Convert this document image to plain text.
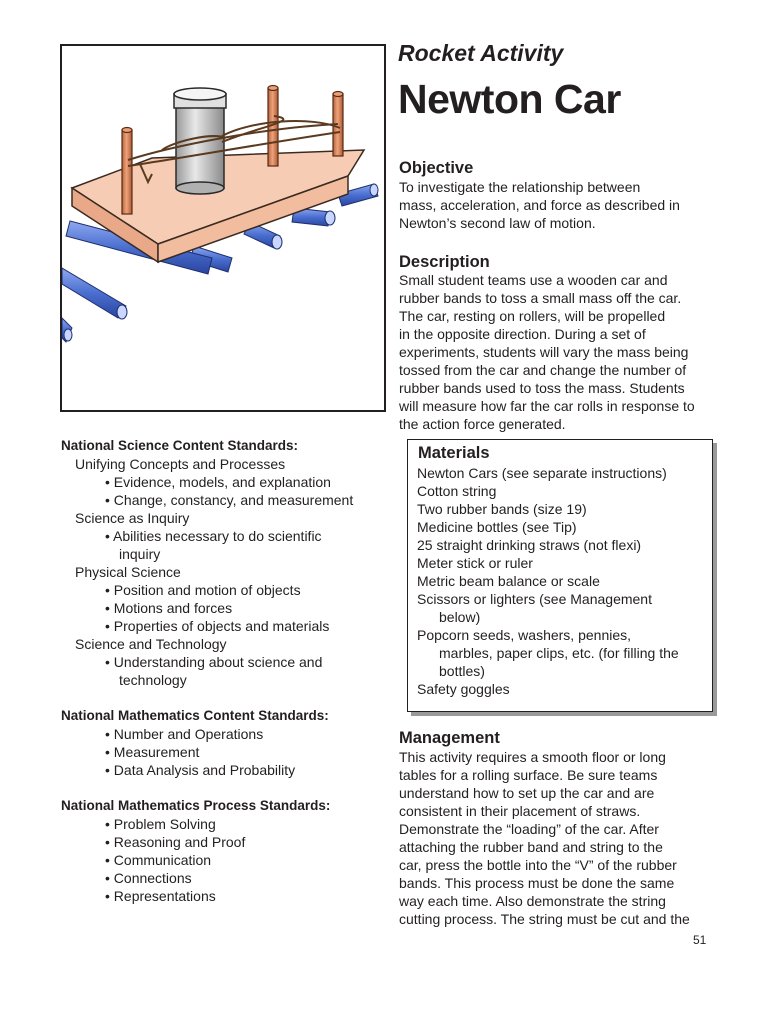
Rocket Activity
Newton Car
Objective
To investigate the relationship between
mass, acceleration, and force as described in
Newton’s second law of motion.
Description
Small student teams use a wooden car and
rubber bands to toss a small mass off the car.
The car, resting on rollers, will be propelled
in the opposite direction. During a set of
experiments, students will vary the mass being
tossed from the car and change the number of
rubber bands used to toss the mass. Students
will measure how far the car rolls in response to
the action force generated.
Materials
Newton Cars (see separate instructions)
Cotton string
Two rubber bands (size 19)
Medicine bottles (see Tip)
25 straight drinking straws (not flexi)
Meter stick or ruler
Metric beam balance or scale
Scissors or lighters (see Management
below)
Popcorn seeds, washers, pennies,
marbles, paper clips, etc. (for filling the
bottles)
Safety goggles
Management
This activity requires a smooth floor or long
tables for a rolling surface. Be sure teams
understand how to set up the car and are
consistent in their placement of straws.
Demonstrate the “loading” of the car. After
attaching the rubber band and string to the
car, press the bottle into the “V” of the rubber
bands. This process must be done the same
way each time. Also demonstrate the string
cutting process. The string must be cut and the
National Science Content Standards:
Unifying Concepts and Processes
• Evidence, models, and explanation
• Change, constancy, and measurement
Science as Inquiry
• Abilities necessary to do scientific
inquiry
Physical Science
• Position and motion of objects
• Motions and forces
• Properties of objects and materials
Science and Technology
• Understanding about science and
technology
National Mathematics Content Standards:
• Number and Operations
• Measurement
• Data Analysis and Probability
National Mathematics Process Standards:
• Problem Solving
• Reasoning and Proof
• Communication
• Connections
• Representations
51
